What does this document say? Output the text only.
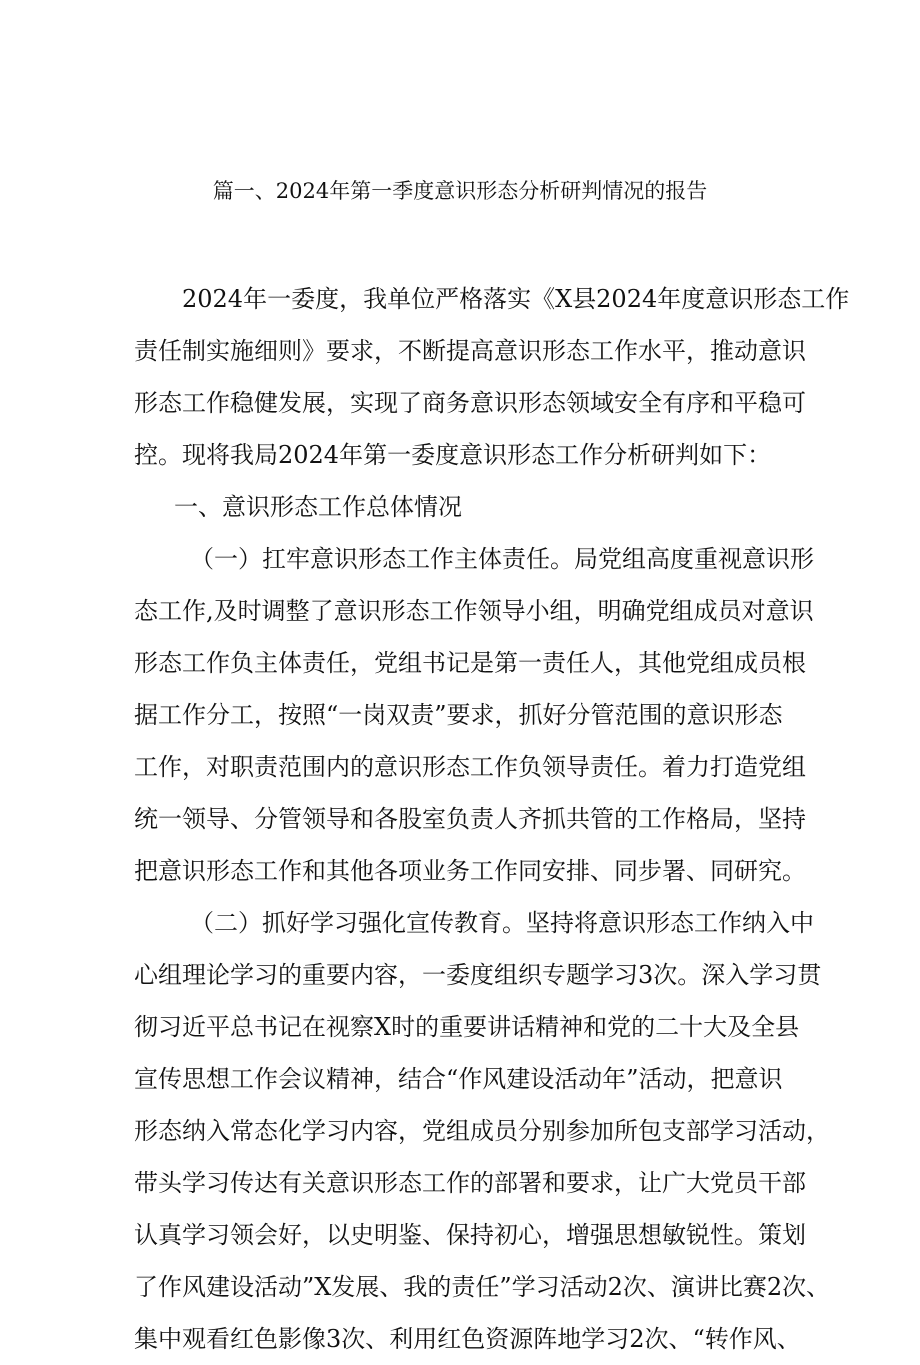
篇一、2024年第一季度意识形态分析研判情况的报告
2024年一委度，我单位严格落实《X县2024年度意识形态工作
责任制实施细则》要求，不断提高意识形态工作水平，推动意识
形态工作稳健发展，实现了商务意识形态领域安全有序和平稳可
控。现将我局2024年第一委度意识形态工作分析研判如下：
一、意识形态工作总体情况
（一）扛牢意识形态工作主体责任。局党组高度重视意识形
态工作,及时调整了意识形态工作领导小组，明确党组成员对意识
形态工作负主体责任，党组书记是第一责任人，其他党组成员根
据工作分工，按照“一岗双责”要求，抓好分管范围的意识形态
工作，对职责范围内的意识形态工作负领导责任。着力打造党组
统一领导、分管领导和各股室负责人齐抓共管的工作格局，坚持
把意识形态工作和其他各项业务工作同安排、同步署、同研究。
（二）抓好学习强化宣传教育。坚持将意识形态工作纳入中
心组理论学习的重要内容，一委度组织专题学习3次。深入学习贯
彻习近平总书记在视察X时的重要讲话精神和党的二十大及全县
宣传思想工作会议精神，结合“作风建设活动年”活动，把意识
形态纳入常态化学习内容，党组成员分别参加所包支部学习活动，
带头学习传达有关意识形态工作的部署和要求，让广大党员干部
认真学习领会好，以史明鉴、保持初心，增强思想敏锐性。策划
了作风建设活动”X发展、我的责任”学习活动2次、演讲比赛2次、
集中观看红色影像3次、利用红色资源阵地学习2次、“转作风、
